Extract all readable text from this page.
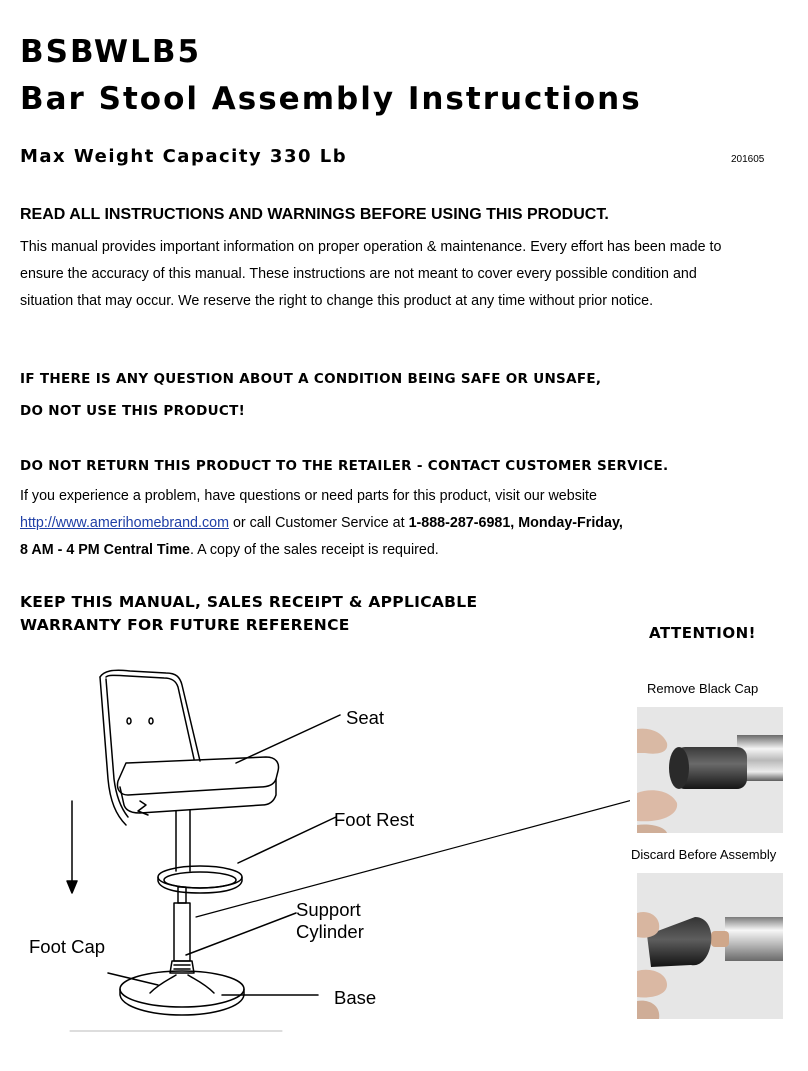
BSBWLB5
Bar Stool Assembly Instructions
Max Weight Capacity 330 Lb	201605
READ ALL INSTRUCTIONS AND WARNINGS BEFORE USING THIS PRODUCT.
This manual provides important information on proper operation & maintenance. Every effort has been made to ensure the accuracy of this manual. These instructions are not meant to cover every possible condition and situation that may occur. We reserve the right to change this product at any time without prior notice.
IF THERE IS ANY QUESTION ABOUT A CONDITION BEING SAFE OR UNSAFE,
DO NOT USE THIS PRODUCT!
DO NOT RETURN THIS PRODUCT TO THE RETAILER - CONTACT CUSTOMER SERVICE.
If you experience a problem, have questions or need parts for this product, visit our website
http://www.amerihomebrand.com or call Customer Service at 1-888-287-6981, Monday-Friday,
8 AM - 4 PM Central Time. A copy of the sales receipt is required.
KEEP THIS MANUAL, SALES RECEIPT & APPLICABLE
WARRANTY FOR FUTURE REFERENCE	ATTENTION!
Remove Black Cap
Discard Before Assembly
Seat
Foot Rest
Support
Cylinder
Foot Cap
Base
